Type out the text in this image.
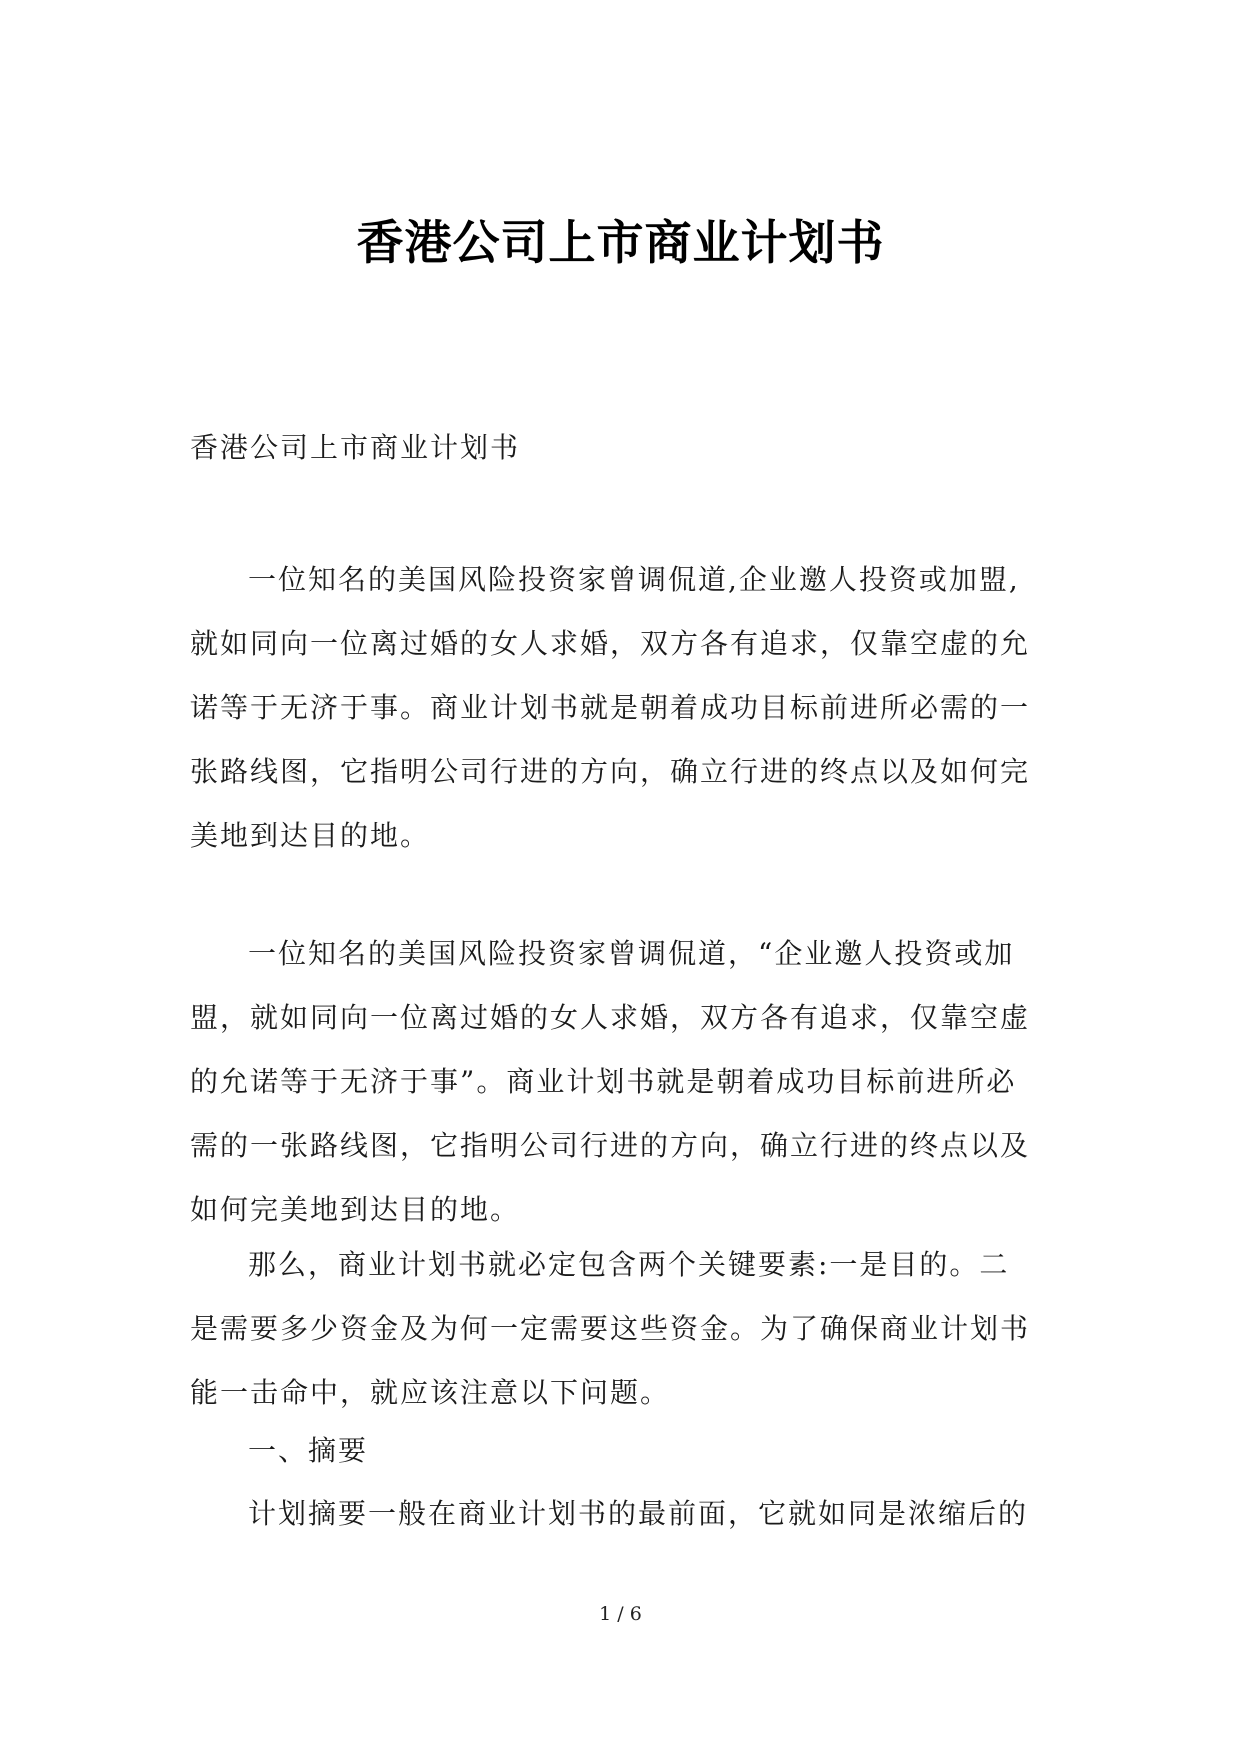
香港公司上市商业计划书
香港公司上市商业计划书
一位知名的美国风险投资家曾调侃道,企业邀人投资或加盟,
就如同向一位离过婚的女人求婚，双方各有追求，仅靠空虚的允
诺等于无济于事。商业计划书就是朝着成功目标前进所必需的一
张路线图，它指明公司行进的方向，确立行进的终点以及如何完
美地到达目的地。
一位知名的美国风险投资家曾调侃道，“企业邀人投资或加
盟，就如同向一位离过婚的女人求婚，双方各有追求，仅靠空虚
的允诺等于无济于事”。商业计划书就是朝着成功目标前进所必
需的一张路线图，它指明公司行进的方向，确立行进的终点以及
如何完美地到达目的地。
那么，商业计划书就必定包含两个关键要素:一是目的。二
是需要多少资金及为何一定需要这些资金。为了确保商业计划书
能一击命中，就应该注意以下问题。
一、摘要
计划摘要一般在商业计划书的最前面，它就如同是浓缩后的
1 / 6
